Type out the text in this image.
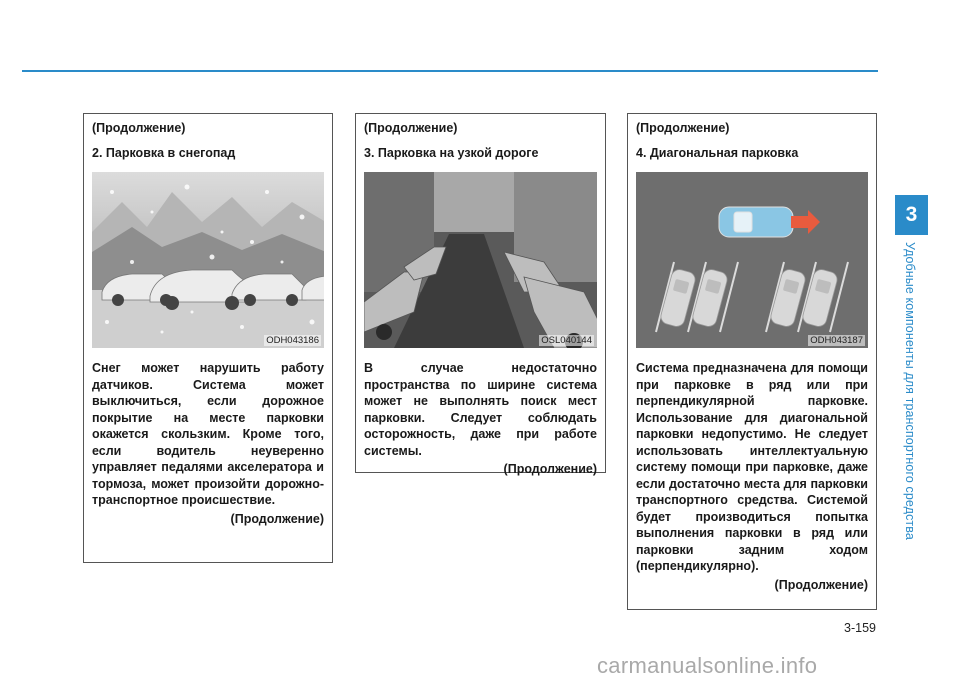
3
Удобные компоненты для транспортного средства
(Продолжение)
2. Парковка в снегопад
ODH043186
Снег может нарушить работу датчиков. Система может выключиться, если дорожное покрытие на месте парковки окажется скользким. Кроме того, если водитель неуверенно управляет педалями акселератора и тормоза, может произойти дорожно-транспортное происшествие.
(Продолжение)
(Продолжение)
3. Парковка на узкой дороге
OSL040144
В случае недостаточно пространства по ширине система может не выполнять поиск мест парковки. Следует соблюдать осторожность, даже при работе системы.
(Продолжение)
(Продолжение)
4. Диагональная парковка
ODH043187
Система предназначена для помощи при парковке в ряд или при перпендикулярной парковке. Использование для диагональной парковки недопустимо. Не следует использовать интеллектуальную систему помощи при парковке, даже если достаточно места для парковки транспортного средства. Системой будет производиться попытка выполнения парковки в ряд или парковки задним ходом (перпендикулярно).
(Продолжение)
3-159
carmanualsonline.info
